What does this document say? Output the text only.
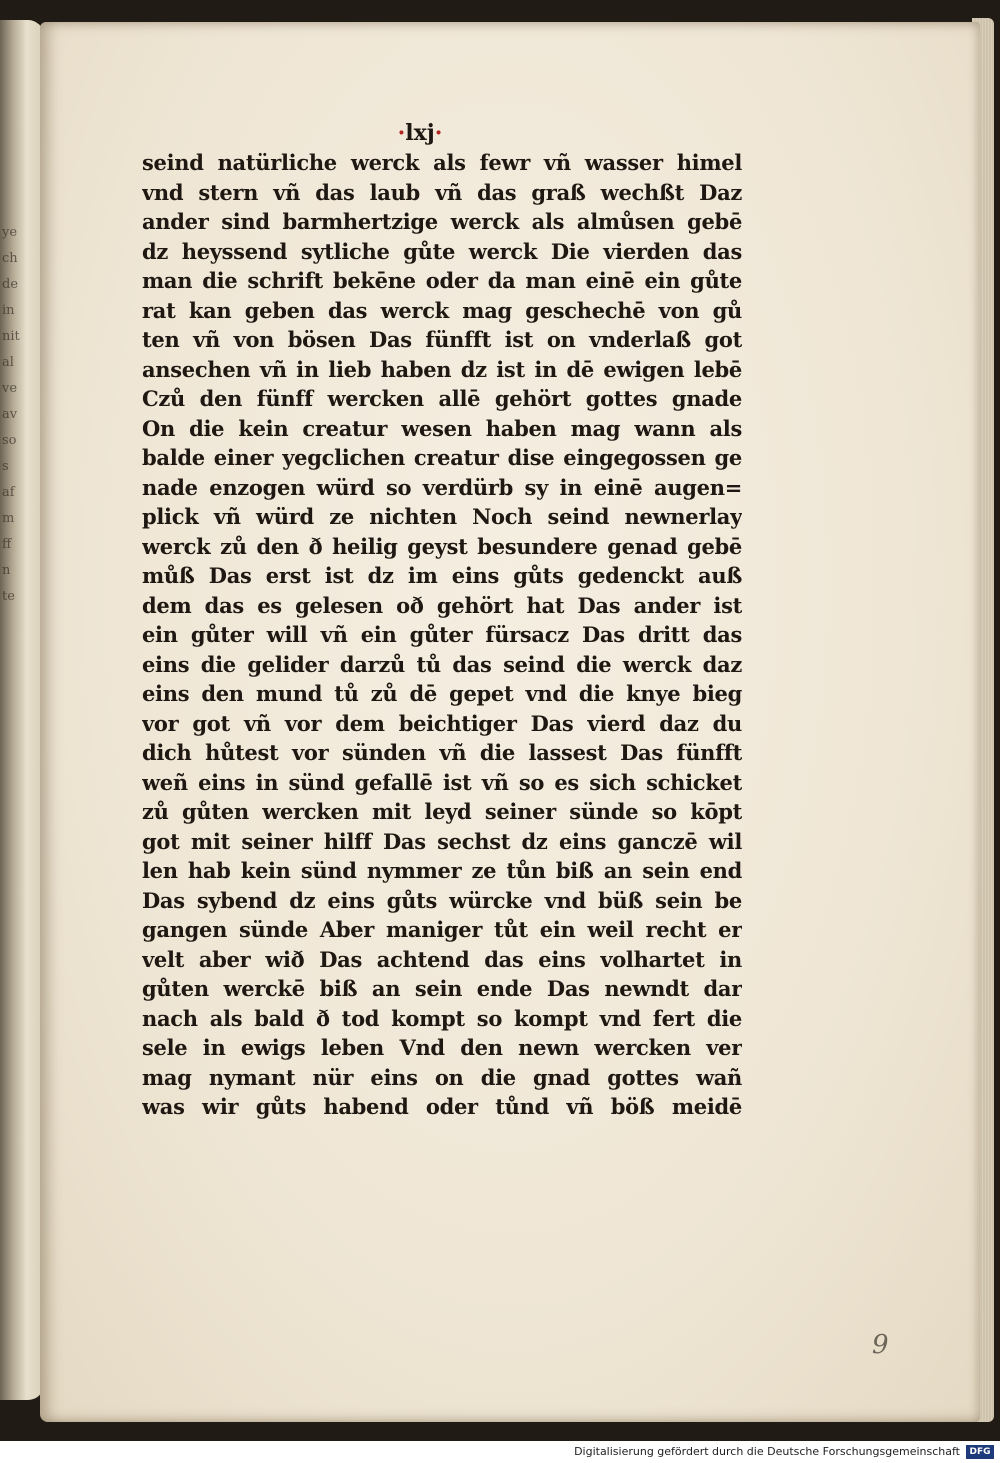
ye
ch
de
in
nit
al
ve
av
so
s
af
m
ff
n
te
·lxj·
seind natürliche werck als fewr vñ wasser himel
vnd stern vñ das laub vñ das graß wechßt Daz
ander sind barmhertzige werck als almůsen gebē
dz heyssend sytliche gůte werck Die vierden das
man die schrift bekēne oder da man einē ein gůte
rat kan geben das werck mag geschechē von gů
ten vñ von bösen Das fünfft ist on vnderlaß got
ansechen vñ in lieb haben dz ist in dē ewigen lebē
Czů den fünff wercken allē gehört gottes gnade
On die kein creatur wesen haben mag wann als
balde einer yegclichen creatur dise eingegossen ge
nade enzogen würd so verdürb sy in einē augen=
plick vñ würd ze nichten Noch seind newnerlay
werck zů den ð heilig geyst besundere genad gebē
můß Das erst ist dz im eins gůts gedenckt auß
dem das es gelesen oð gehört hat Das ander ist
ein gůter will vñ ein gůter fürsacz Das dritt das
eins die gelider darzů tů das seind die werck daz
eins den mund tů zů dē gepet vnd die knye bieg
vor got vñ vor dem beichtiger Das vierd daz du
dich hůtest vor sünden vñ die lassest Das fünfft
weñ eins in sünd gefallē ist vñ so es sich schicket
zů gůten wercken mit leyd seiner sünde so kōpt
got mit seiner hilff Das sechst dz eins ganczē wil
len hab kein sünd nymmer ze tůn biß an sein end
Das sybend dz eins gůts würcke vnd büß sein be
gangen sünde Aber maniger tůt ein weil recht er
velt aber wið Das achtend das eins volhartet in
gůten werckē biß an sein ende Das newndt dar
nach als bald ð tod kompt so kompt vnd fert die
sele in ewigs leben Vnd den newn wercken ver
mag nymant nür eins on die gnad gottes wañ
was wir gůts habend oder tůnd vñ böß meidē
9
Digitalisierung gefördert durch die Deutsche Forschungsgemeinschaft	DFG
